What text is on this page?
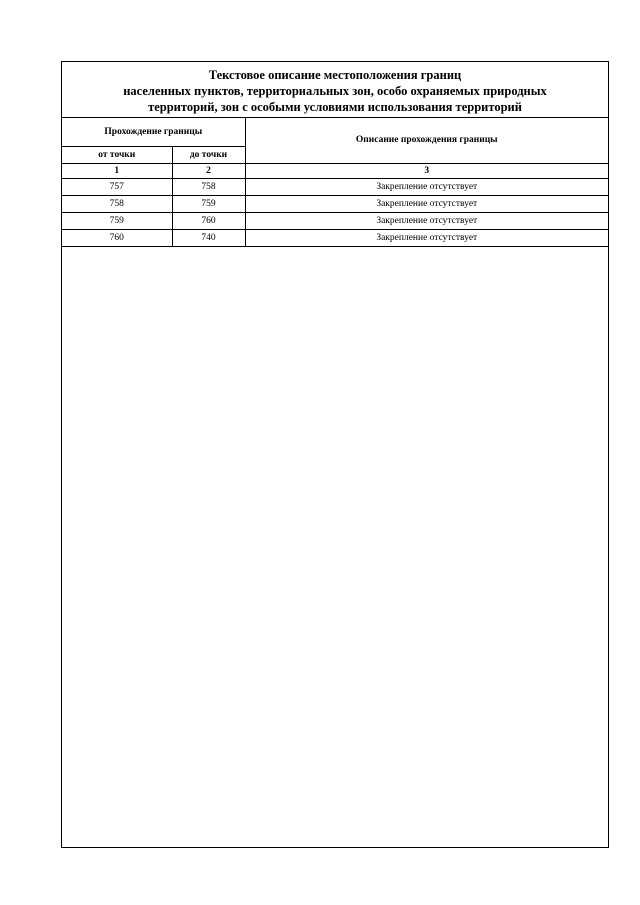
Текстовое описание местоположения границ
населенных пунктов, территориальных зон, особо охраняемых природных
территорий, зон с особыми условиями использования территорий
Прохождение границы		Описание прохождения границы
от точки	до точки	
1	2	3
757	758	Закрепление отсутствует
758	759	Закрепление отсутствует
759	760	Закрепление отсутствует
760	740	Закрепление отсутствует
